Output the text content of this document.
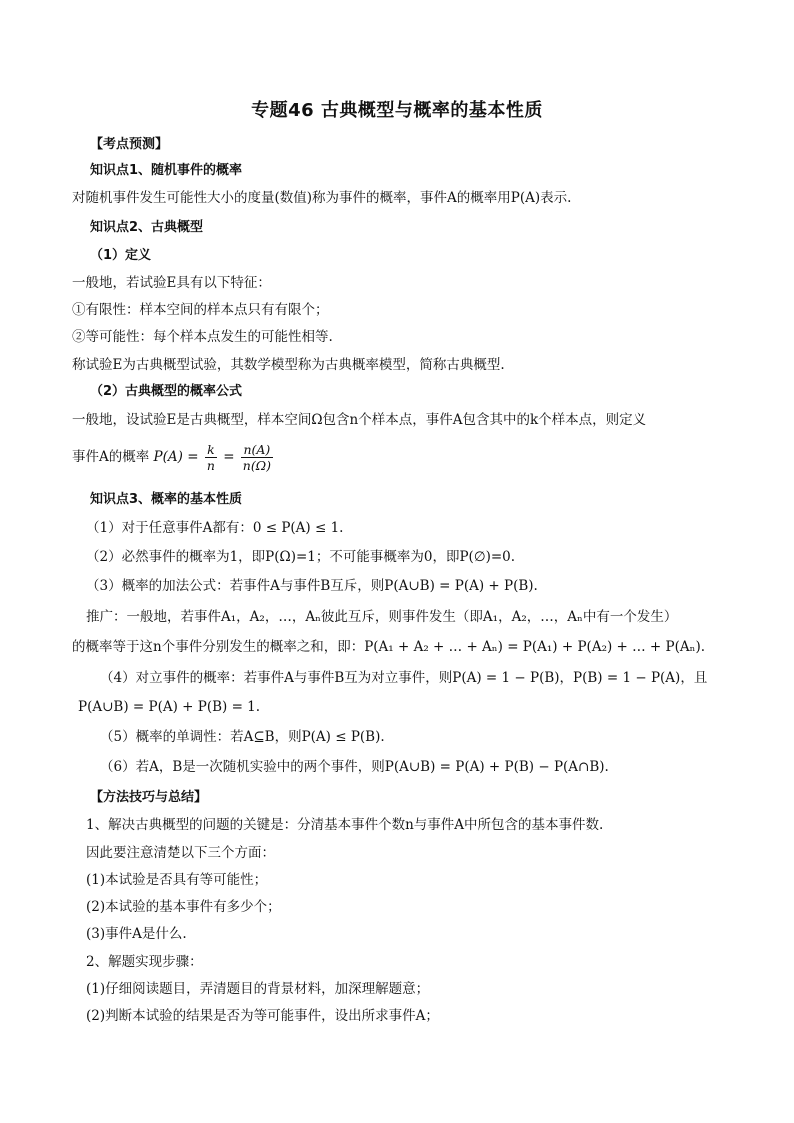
专题46 古典概型与概率的基本性质
【考点预测】
知识点1、随机事件的概率
对随机事件发生可能性大小的度量(数值)称为事件的概率，事件A的概率用P(A)表示.
知识点2、古典概型
（1）定义
一般地，若试验E具有以下特征：
①有限性：样本空间的样本点只有有限个；
②等可能性：每个样本点发生的可能性相等.
称试验E为古典概型试验，其数学模型称为古典概率模型，简称古典概型.
（2）古典概型的概率公式
一般地，设试验E是古典概型，样本空间Ω包含n个样本点，事件A包含其中的k个样本点，则定义
事件A的概率 $P(A) = \frac{k}{n} = \frac{n(A)}{n(\Omega)}$
知识点3、概率的基本性质
（1）对于任意事件A都有：0 ≤ P(A) ≤ 1.
（2）必然事件的概率为1，即P(Ω)=1；不可能事概率为0，即P(∅)=0.
（3）概率的加法公式：若事件A与事件B互斥，则P(A∪B) = P(A) + P(B).
推广：一般地，若事件A₁，A₂，…，Aₙ彼此互斥，则事件发生（即A₁，A₂，…，Aₙ中有一个发生）
的概率等于这n个事件分别发生的概率之和，即：P(A₁ + A₂ + … + Aₙ) = P(A₁) + P(A₂) + … + P(Aₙ).
（4）对立事件的概率：若事件A与事件B互为对立事件，则P(A) = 1 − P(B)，P(B) = 1 − P(A)，且
P(A∪B) = P(A) + P(B) = 1.
（5）概率的单调性：若A⊆B，则P(A) ≤ P(B).
（6）若A，B是一次随机实验中的两个事件，则P(A∪B) = P(A) + P(B) − P(A∩B).
【方法技巧与总结】
1、解决古典概型的问题的关键是：分清基本事件个数n与事件A中所包含的基本事件数.
因此要注意清楚以下三个方面：
(1)本试验是否具有等可能性；
(2)本试验的基本事件有多少个；
(3)事件A是什么.
2、解题实现步骤：
(1)仔细阅读题目，弄清题目的背景材料，加深理解题意；
(2)判断本试验的结果是否为等可能事件，设出所求事件A；
